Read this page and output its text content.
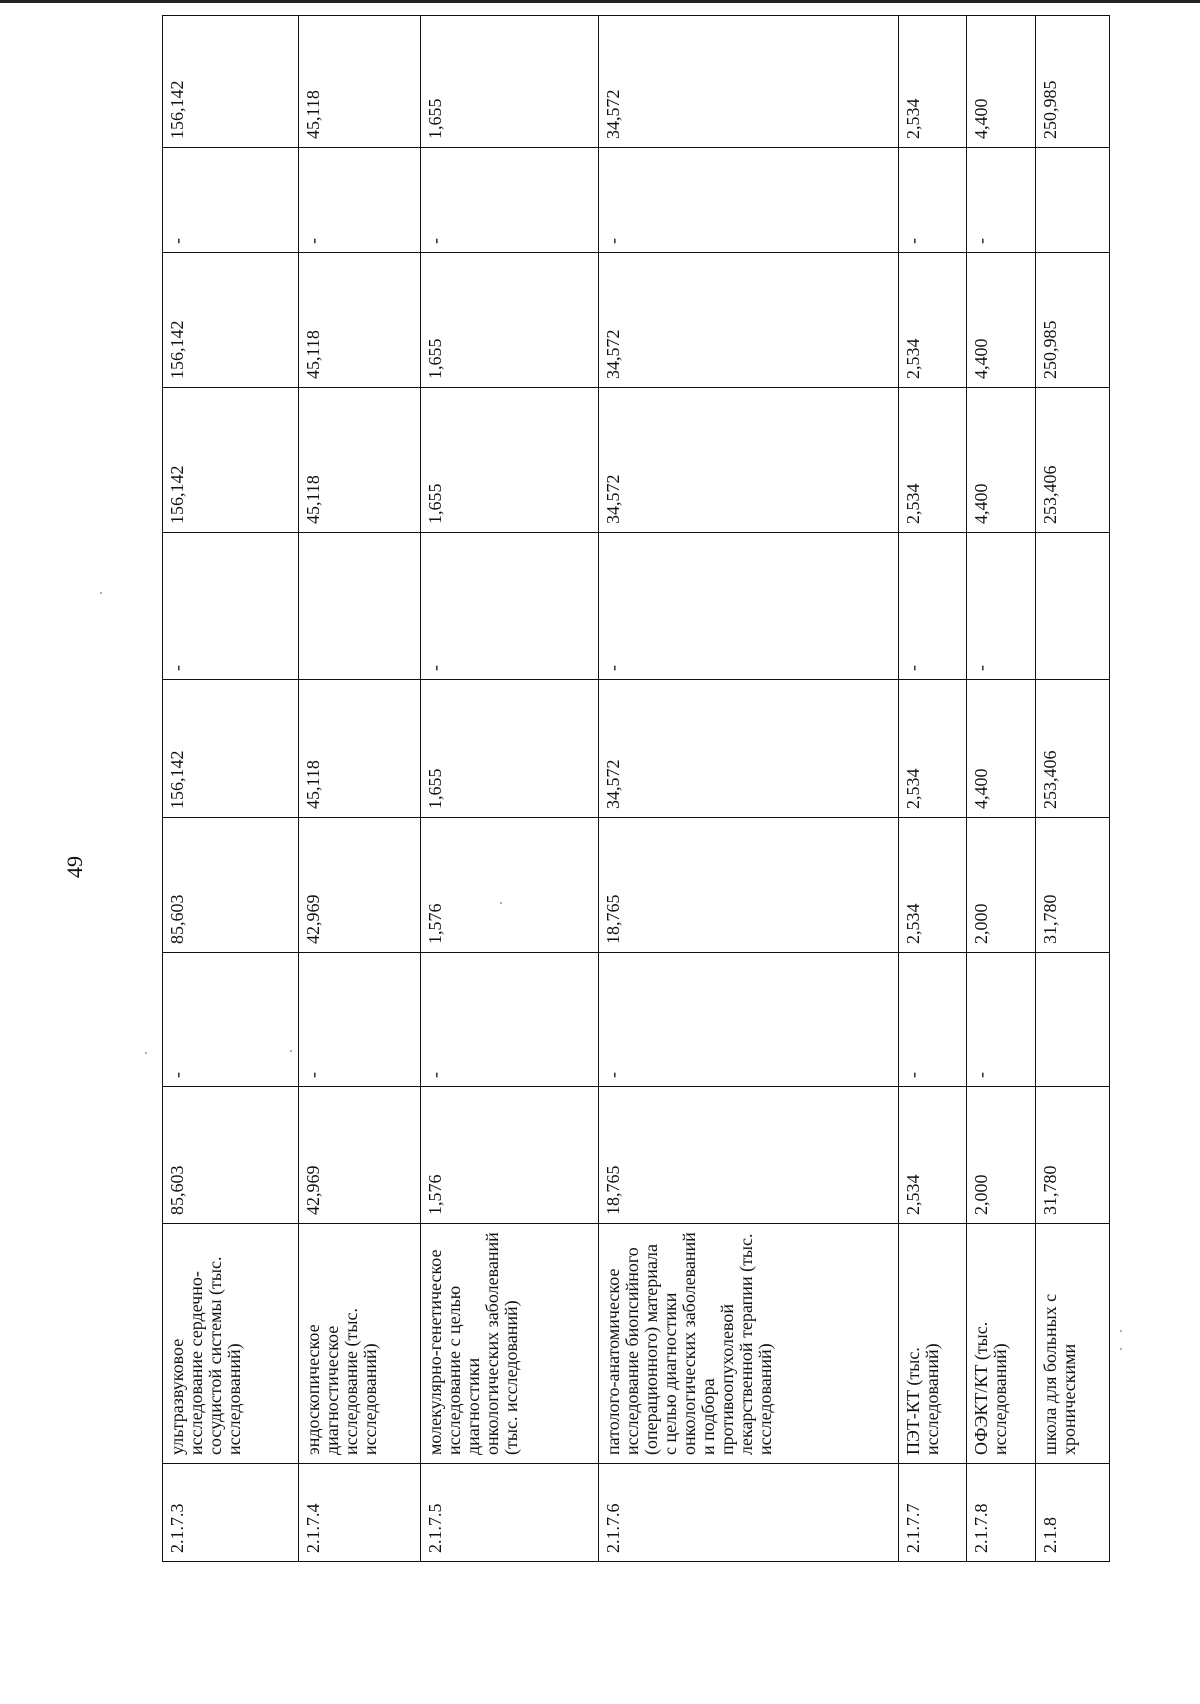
49
2.1.7.3	ультразвуковое исследование сердечно-сосудистой системы (тыс. исследований)	85,603	-	85,603	156,142	-	156,142	156,142	-	156,142
2.1.7.4	эндоскопическое диагностическое исследование (тыс. исследований)	42,969	-	42,969	45,118		45,118	45,118	-	45,118
2.1.7.5	молекулярно-генетическое исследование с целью диагностики онкологических заболеваний (тыс. исследований)	1,576	-	1,576	1,655	-	1,655	1,655	-	1,655
2.1.7.6	патолого-анатомическое исследование биопсийного (операционного) материала с целью диагностики онкологических заболеваний и подбора противоопухолевой лекарственной терапии (тыс. исследований)	18,765	-	18,765	34,572	-	34,572	34,572	-	34,572
2.1.7.7	ПЭТ-КТ (тыс. исследований)	2,534	-	2,534	2,534	-	2,534	2,534	-	2,534
2.1.7.8	ОФЭКТ/КТ (тыс. исследований)	2,000	-	2,000	4,400	-	4,400	4,400	-	4,400
2.1.8	школа для больных с хроническими	31,780		31,780	253,406		253,406	250,985		250,985
